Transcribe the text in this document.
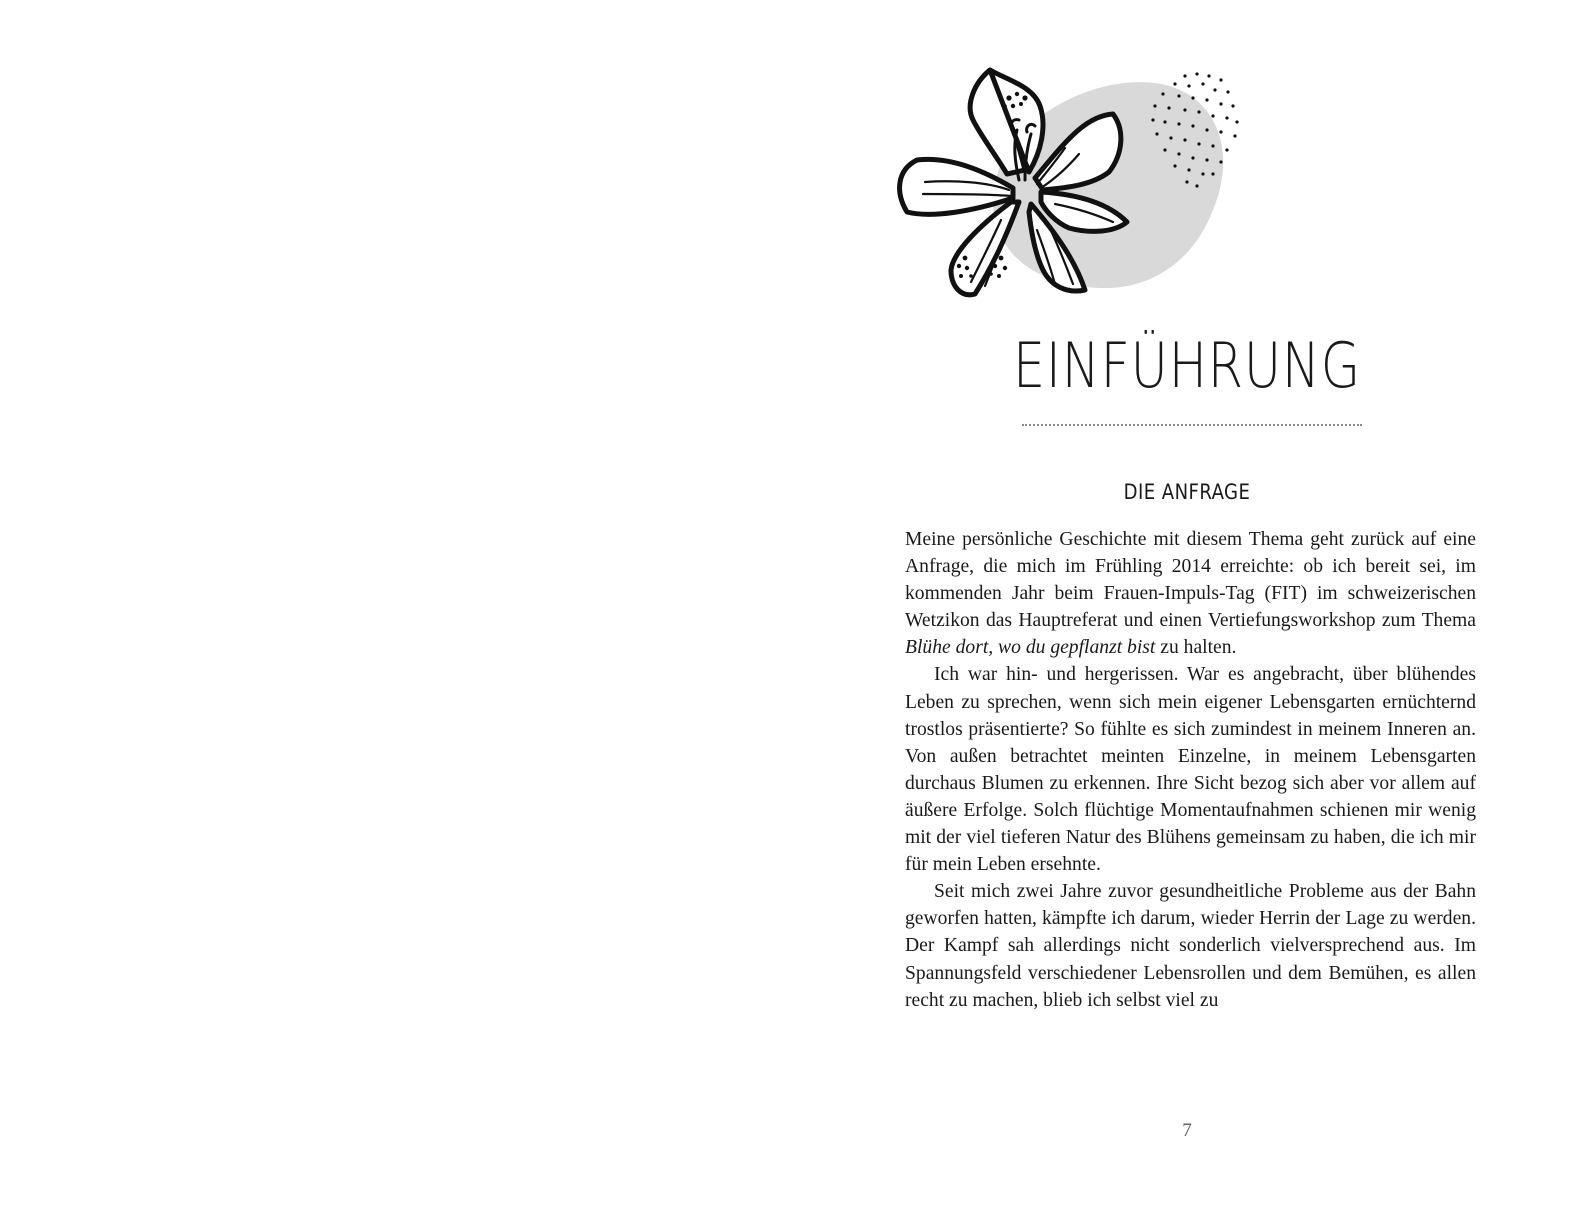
EINFÜHRUNG
DIE ANFRAGE

Meine persönliche Geschichte mit diesem Thema geht zurück auf eine Anfrage, die mich im Frühling 2014 erreichte: ob ich bereit sei, im kommenden Jahr beim Frauen-Impuls-Tag (FIT) im schweizerischen Wetzikon das Hauptreferat und einen Vertiefungsworkshop zum Thema Blühe dort, wo du gepflanzt bist zu halten.

Ich war hin- und hergerissen. War es angebracht, über blühendes Leben zu sprechen, wenn sich mein eigener Lebensgarten ernüchternd trostlos präsentierte? So fühlte es sich zumindest in meinem Inneren an. Von außen betrachtet meinten Einzelne, in meinem Lebensgarten durchaus Blumen zu erkennen. Ihre Sicht bezog sich aber vor allem auf äußere Erfolge. Solch flüchtige Momentaufnahmen schienen mir wenig mit der viel tieferen Natur des Blühens gemeinsam zu haben, die ich mir für mein Leben ersehnte.

Seit mich zwei Jahre zuvor gesundheitliche Probleme aus der Bahn geworfen hatten, kämpfte ich darum, wieder Herrin der Lage zu werden. Der Kampf sah allerdings nicht sonderlich vielversprechend aus. Im Spannungsfeld verschiedener Lebensrollen und dem Bemühen, es allen recht zu machen, blieb ich selbst viel zu

7
